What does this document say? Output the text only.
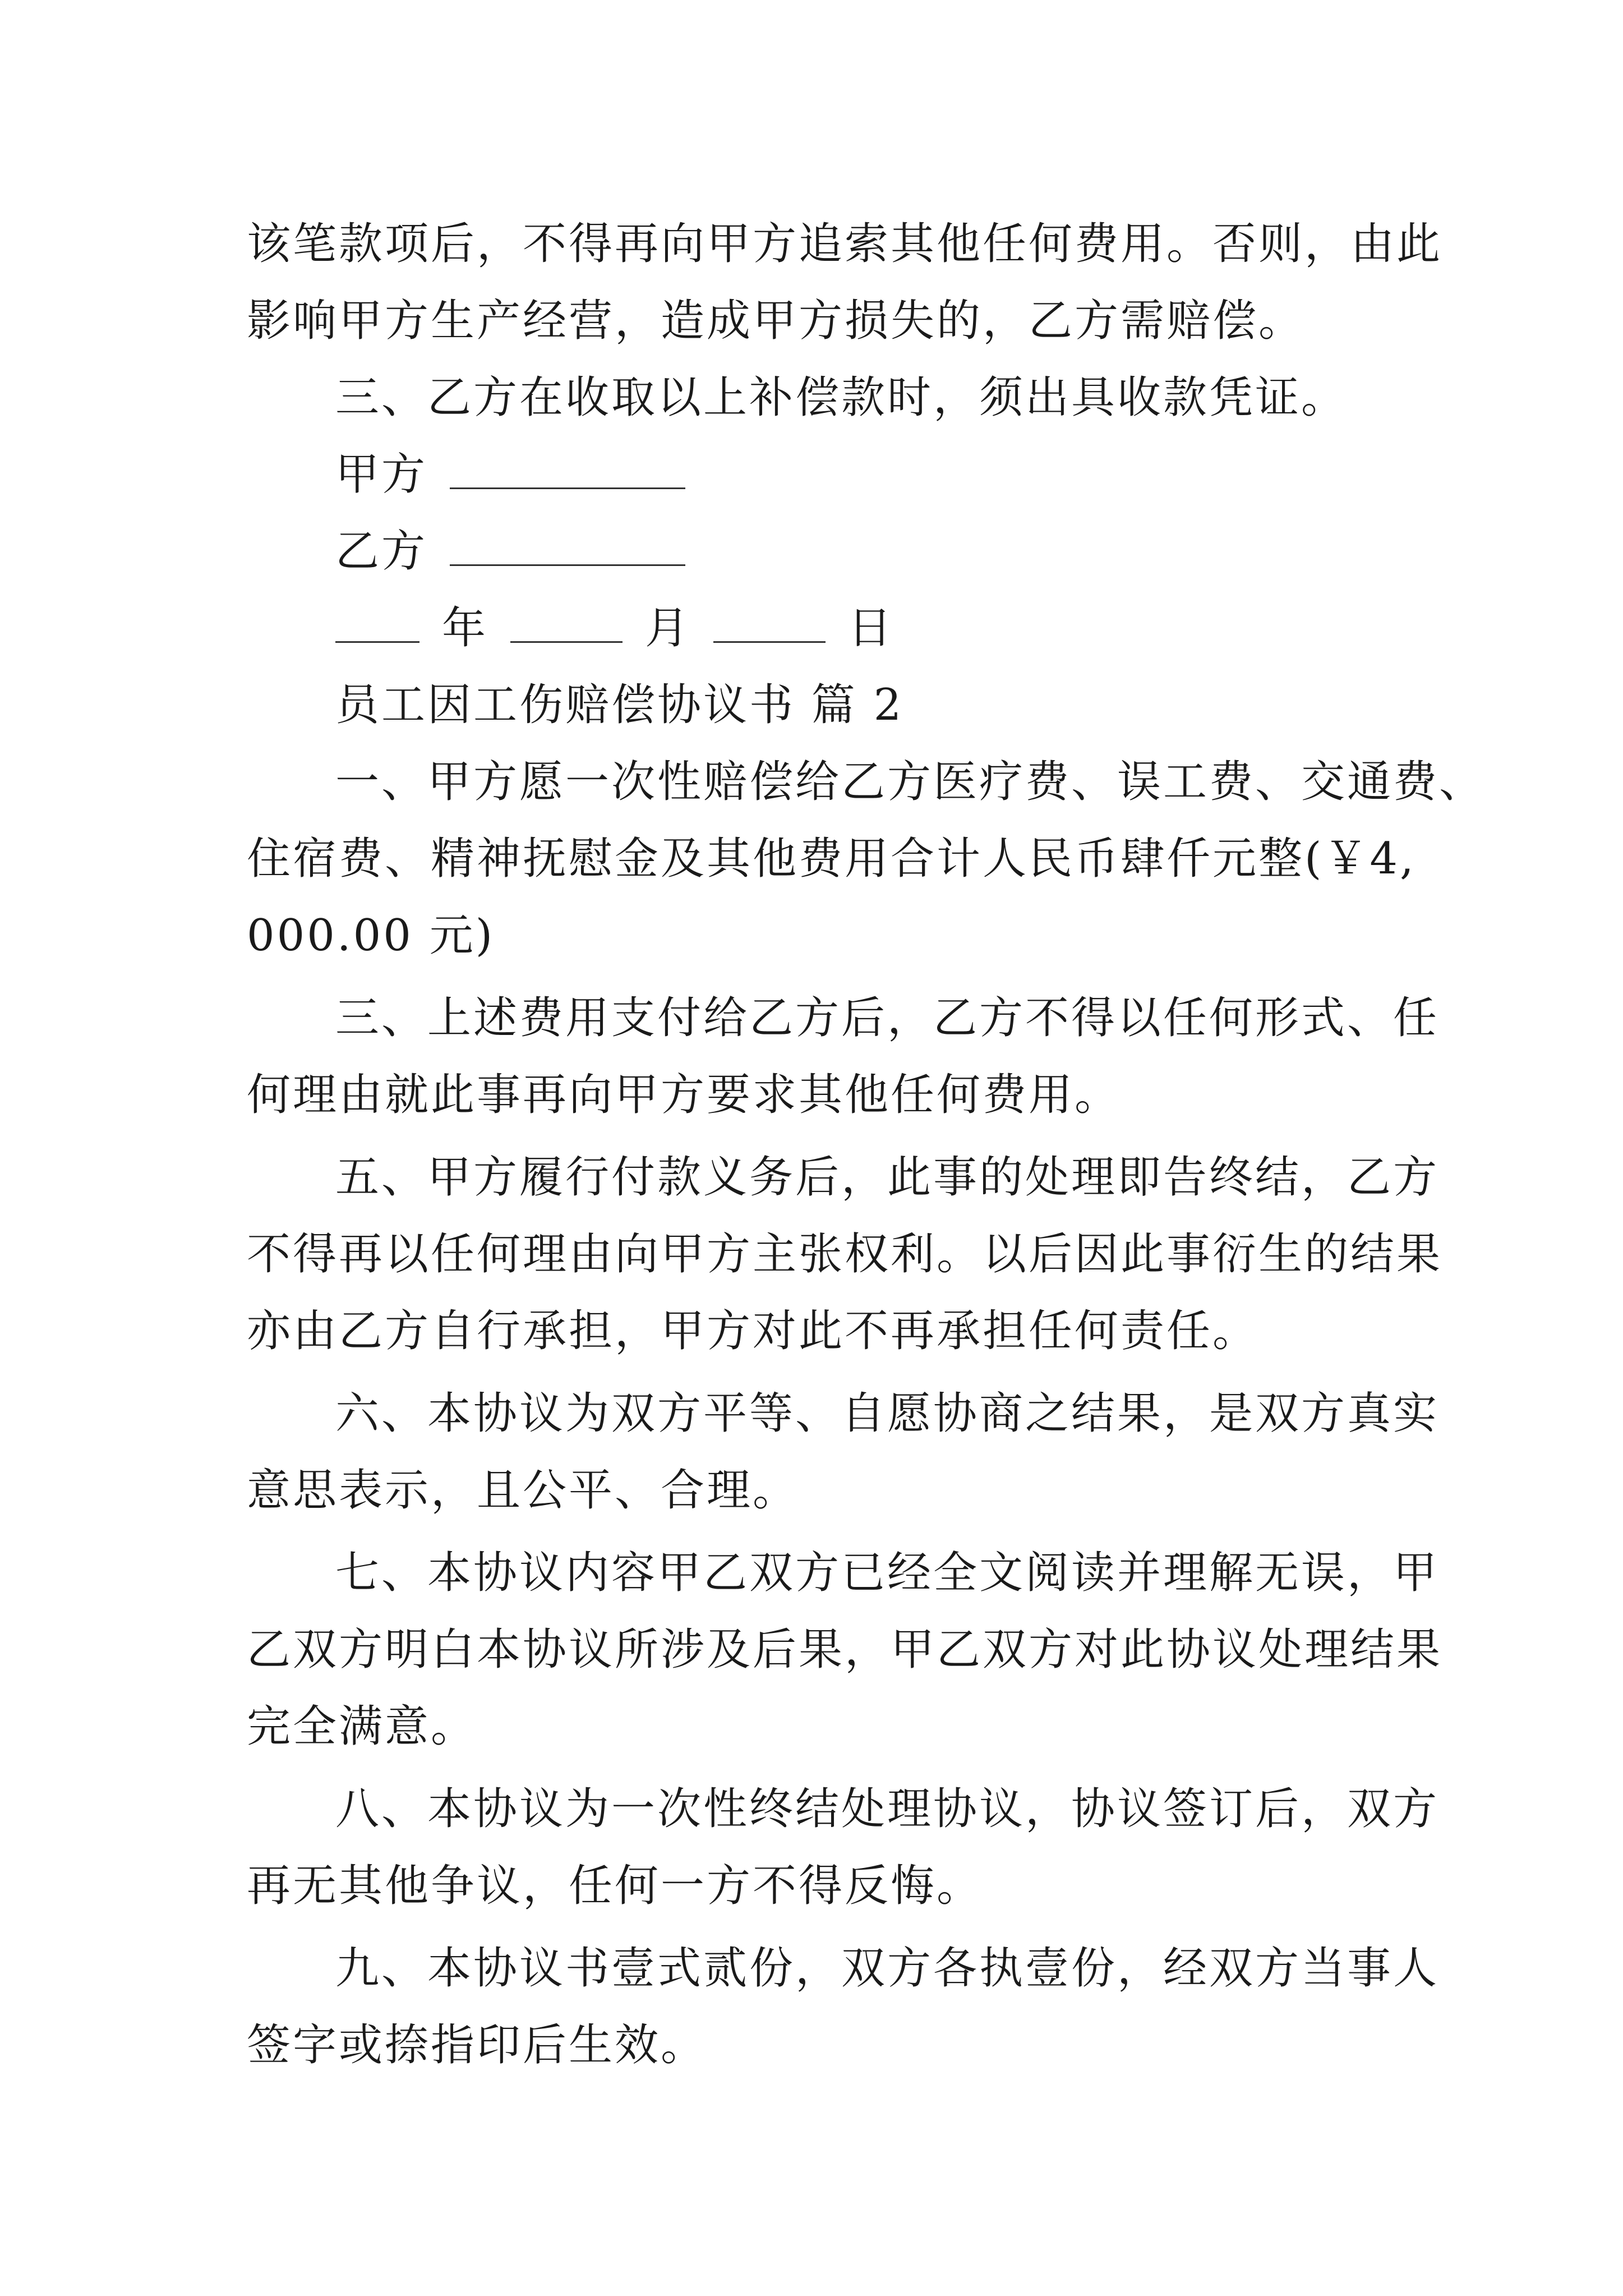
该笔款项后，不得再向甲方追索其他任何费用。否则，由此
影响甲方生产经营，造成甲方损失的，乙方需赔偿。
三、乙方在收取以上补偿款时，须出具收款凭证。
甲方
乙方
年	月	日
员工因工伤赔偿协议书 篇 2
一、甲方愿一次性赔偿给乙方医疗费、误工费、交通费、
住宿费、精神抚慰金及其他费用合计人民币肆仟元整(￥4,
000.00 元)
三、上述费用支付给乙方后，乙方不得以任何形式、任
何理由就此事再向甲方要求其他任何费用。
五、甲方履行付款义务后，此事的处理即告终结，乙方
不得再以任何理由向甲方主张权利。以后因此事衍生的结果
亦由乙方自行承担，甲方对此不再承担任何责任。
六、本协议为双方平等、自愿协商之结果，是双方真实
意思表示，且公平、合理。
七、本协议内容甲乙双方已经全文阅读并理解无误，甲
乙双方明白本协议所涉及后果，甲乙双方对此协议处理结果
完全满意。
八、本协议为一次性终结处理协议，协议签订后，双方
再无其他争议，任何一方不得反悔。
九、本协议书壹式贰份，双方各执壹份，经双方当事人
签字或捺指印后生效。
